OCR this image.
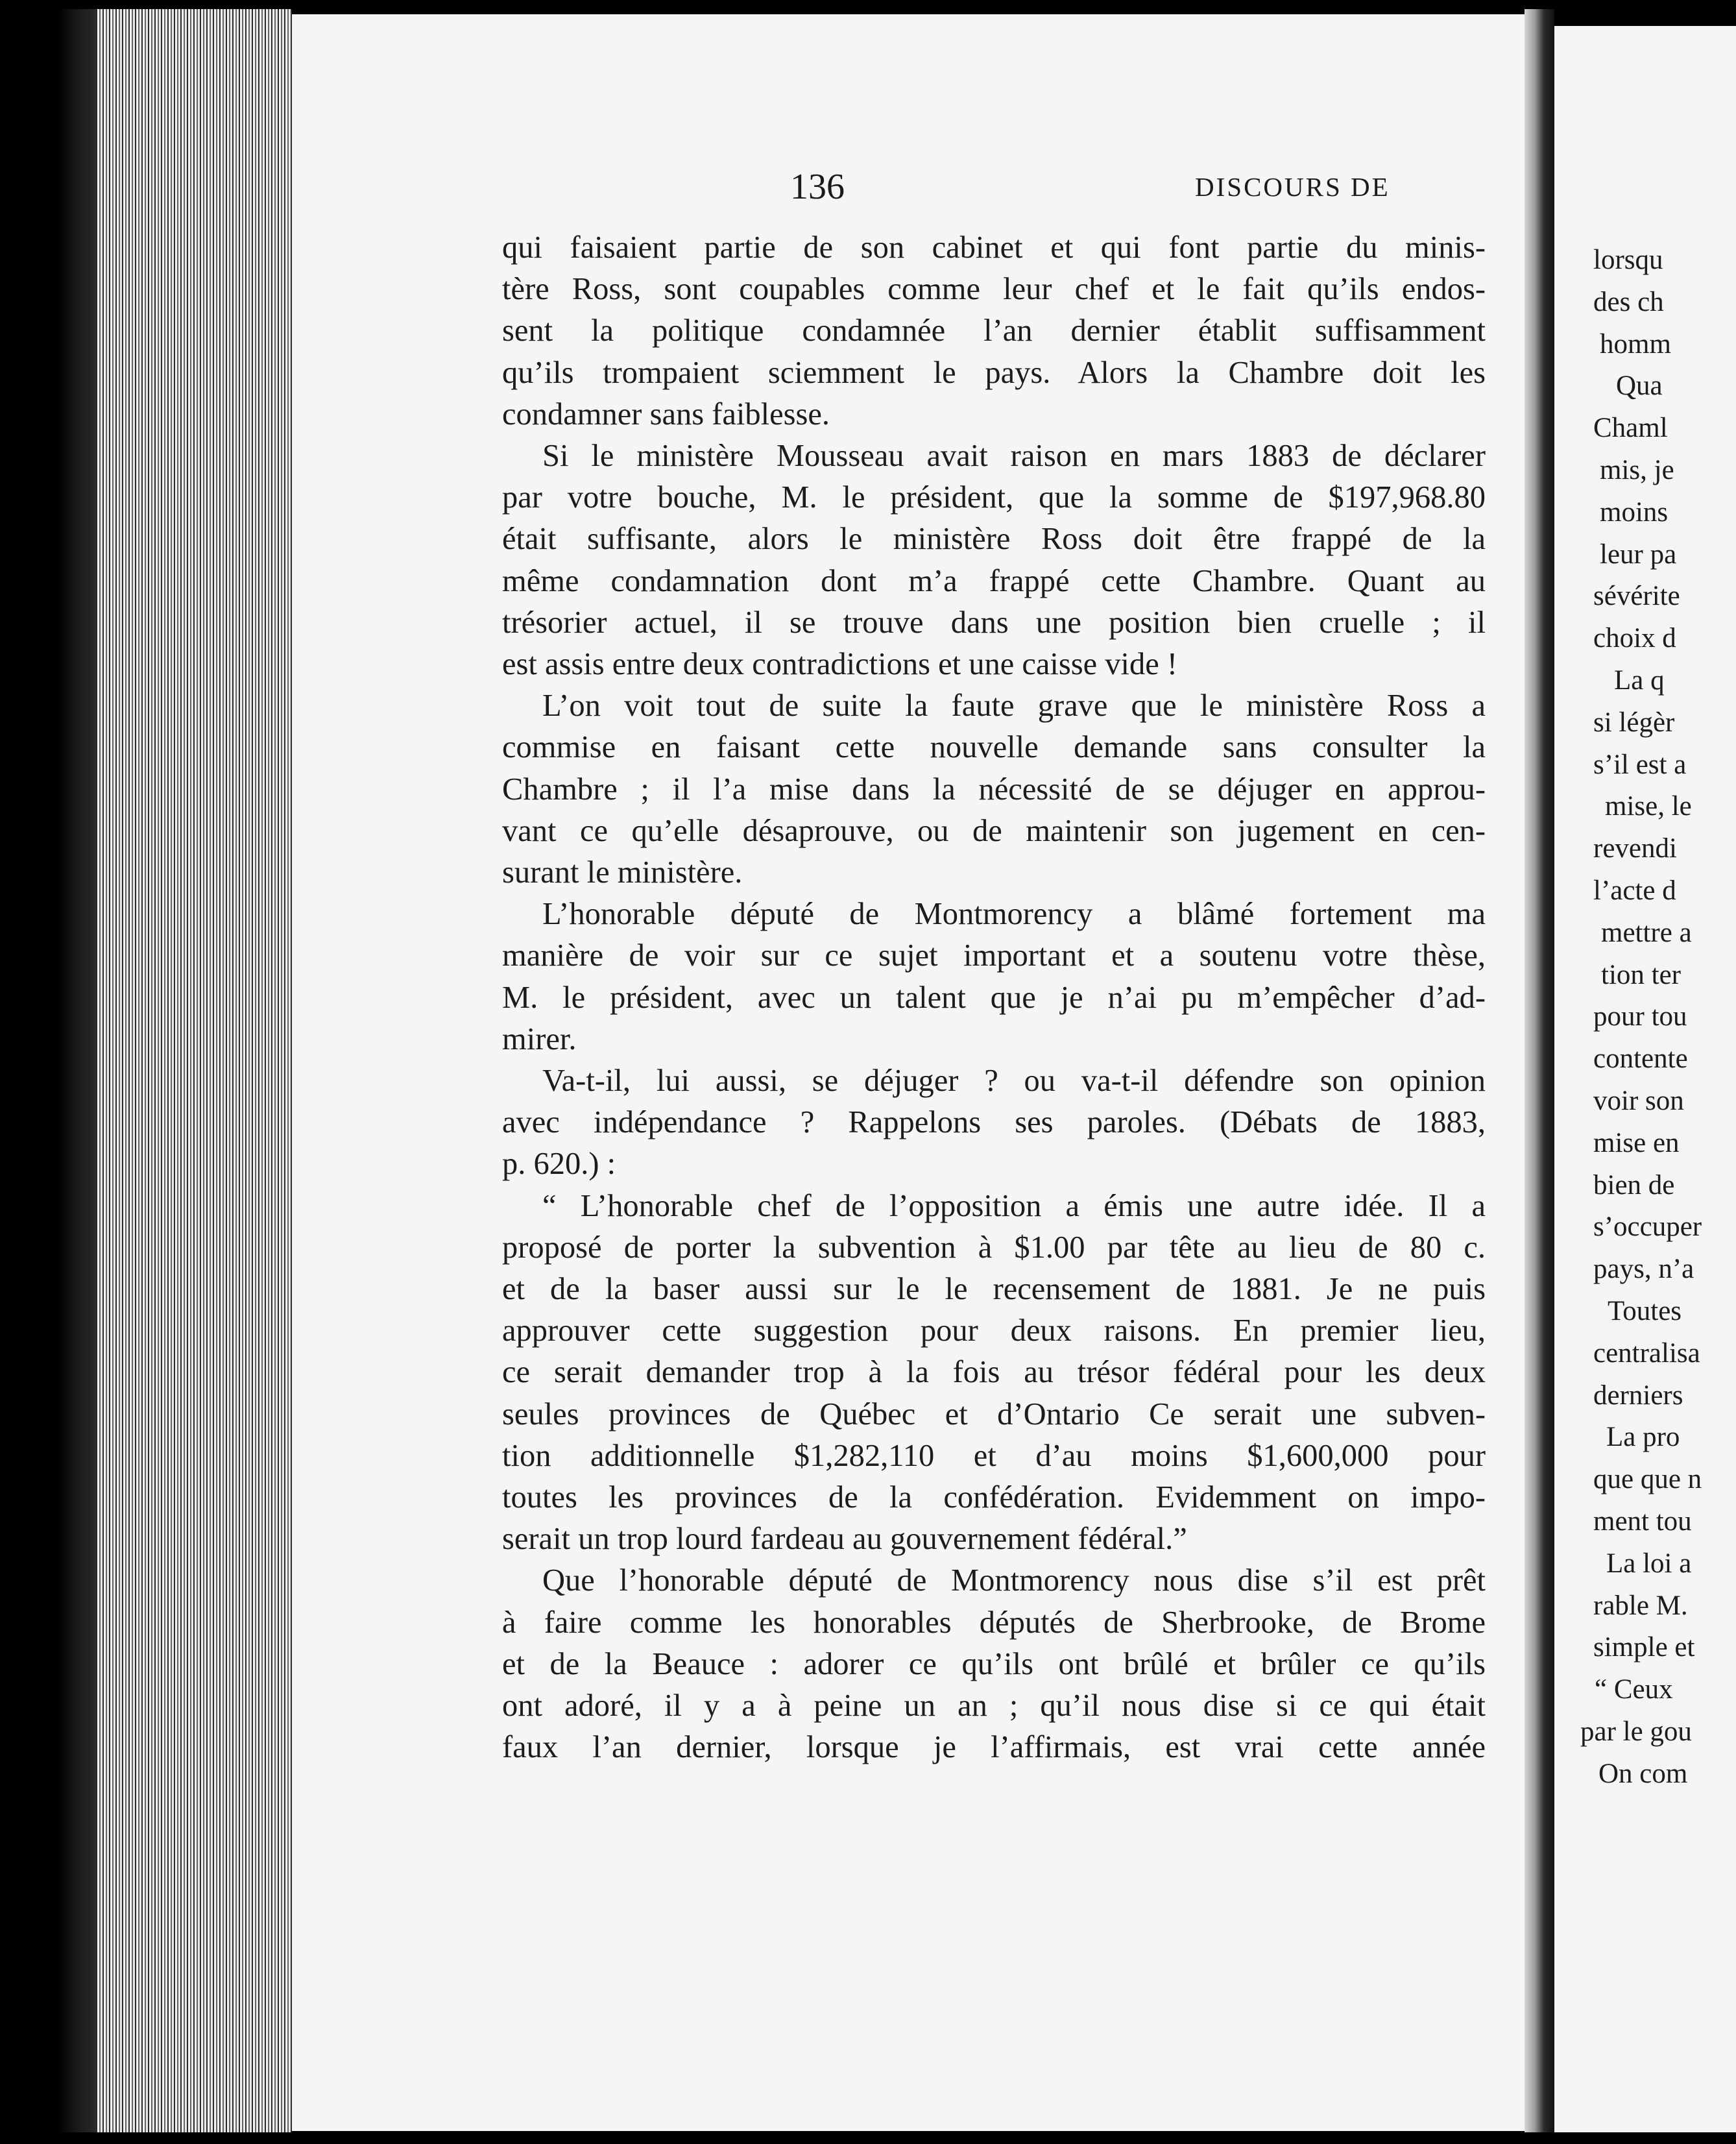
136	DISCOURS DE
qui faisaient partie de son cabinet et qui font partie du minis-
tère Ross, sont coupables comme leur chef et le fait qu’ils endos-
sent la politique condamnée l’an dernier établit suffisamment
qu’ils trompaient sciemment le pays. Alors la Chambre doit les
condamner sans faiblesse.
Si le ministère Mousseau avait raison en mars 1883 de déclarer
par votre bouche, M. le président, que la somme de $197,968.80
était suffisante, alors le ministère Ross doit être frappé de la
même condamnation dont m’a frappé cette Chambre. Quant au
trésorier actuel, il se trouve dans une position bien cruelle ; il
est assis entre deux contradictions et une caisse vide !
L’on voit tout de suite la faute grave que le ministère Ross a
commise en faisant cette nouvelle demande sans consulter la
Chambre ; il l’a mise dans la nécessité de se déjuger en approu-
vant ce qu’elle désaprouve, ou de maintenir son jugement en cen-
surant le ministère.
L’honorable député de Montmorency a blâmé fortement ma
manière de voir sur ce sujet important et a soutenu votre thèse,
M. le président, avec un talent que je n’ai pu m’empêcher d’ad-
mirer.
Va-t-il, lui aussi, se déjuger ? ou va-t-il défendre son opinion
avec indépendance ? Rappelons ses paroles. (Débats de 1883,
p. 620.) :
“ L’honorable chef de l’opposition a émis une autre idée. Il a
proposé de porter la subvention à $1.00 par tête au lieu de 80 c.
et de la baser aussi sur le le recensement de 1881. Je ne puis
approuver cette suggestion pour deux raisons. En premier lieu,
ce serait demander trop à la fois au trésor fédéral pour les deux
seules provinces de Québec et d’Ontario Ce serait une subven-
tion additionnelle $1,282,110 et d’au moins $1,600,000 pour
toutes les provinces de la confédération. Evidemment on impo-
serait un trop lourd fardeau au gouvernement fédéral.”
Que l’honorable député de Montmorency nous dise s’il est prêt
à faire comme les honorables députés de Sherbrooke, de Brome
et de la Beauce : adorer ce qu’ils ont brûlé et brûler ce qu’ils
ont adoré, il y a à peine un an ; qu’il nous dise si ce qui était
faux l’an dernier, lorsque je l’affirmais, est vrai cette année
lorsqu
des ch
homm
Qua
Chaml
mis, je
moins
leur pa
sévérite
choix d
La q
si légèr
s’il est a
mise, le
revendi
l’acte d
mettre a
tion ter
pour tou
contente
voir son
mise en
bien de
s’occuper
pays, n’a
Toutes
centralisa
derniers
La pro
que que n
ment tou
La loi a
rable M.
simple et
“ Ceux
par le gou
On com
